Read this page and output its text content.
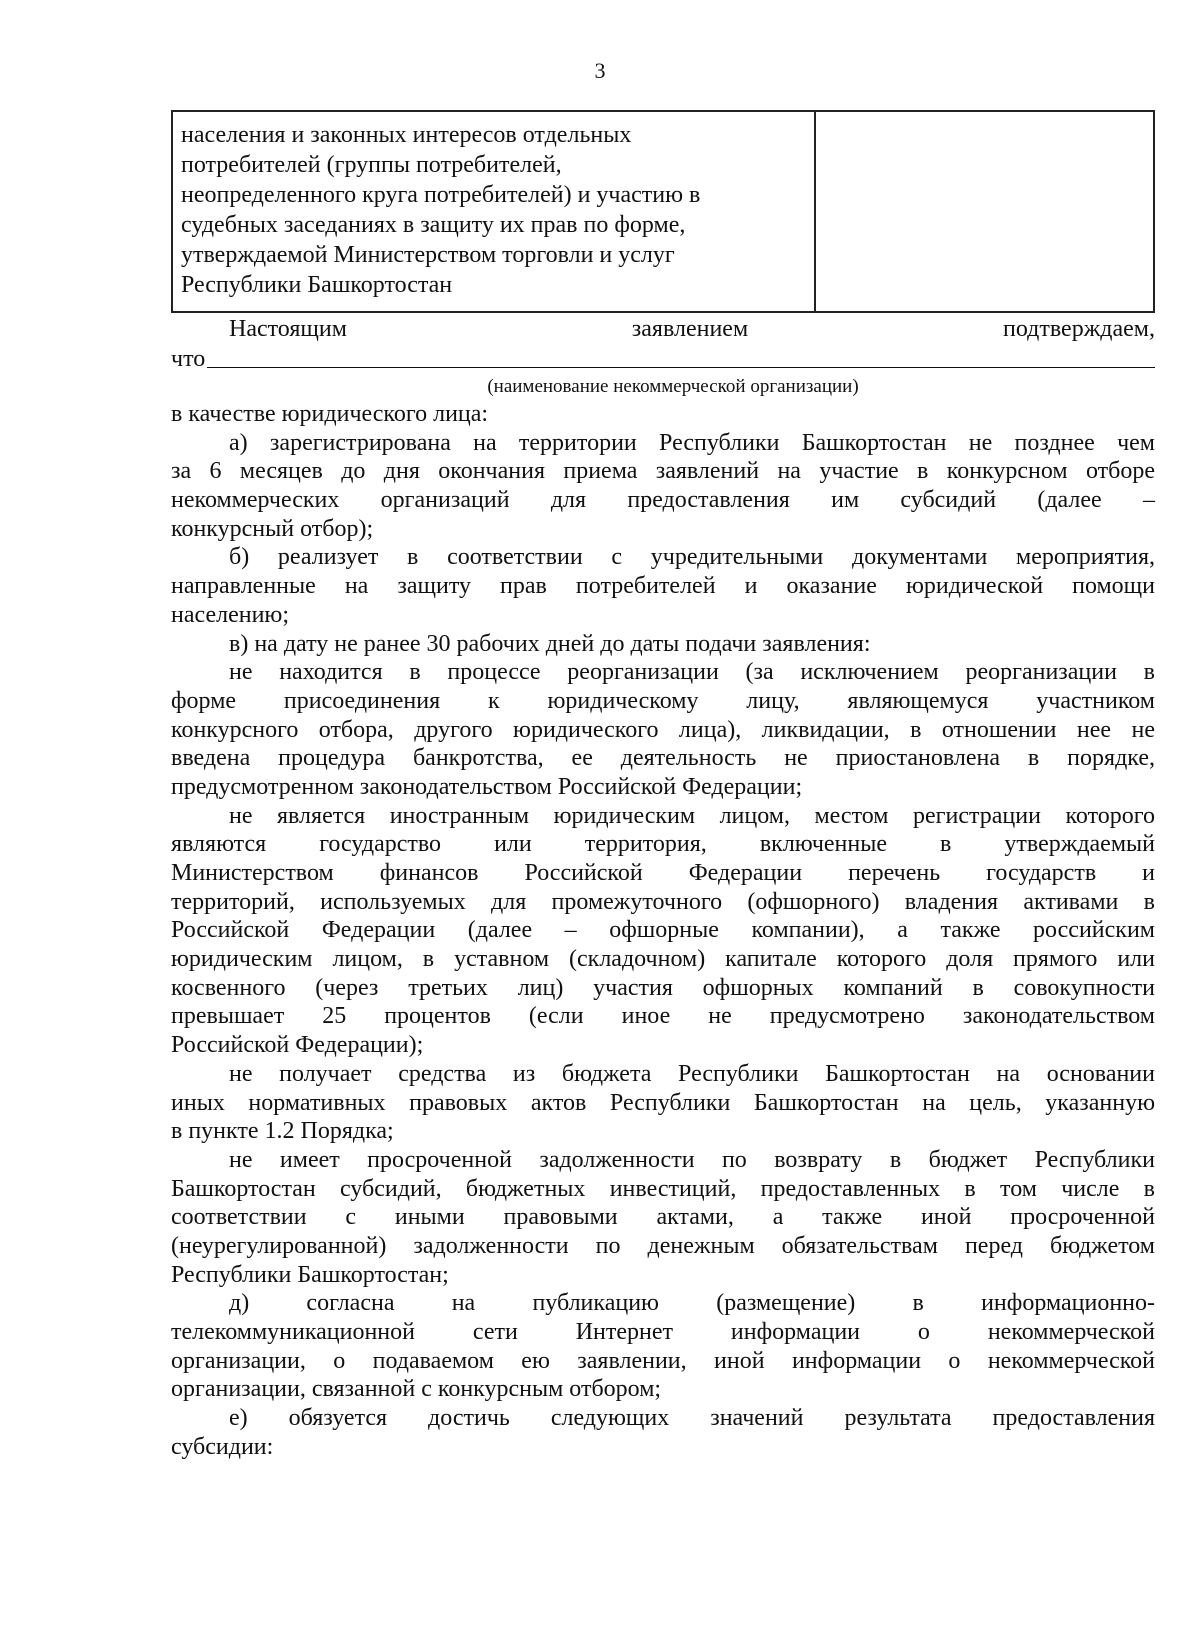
3
населения и законных интересов отдельных
потребителей (группы потребителей,
неопределенного круга потребителей) и участию в
судебных заседаниях в защиту их прав по форме,
утверждаемой Министерством торговли и услуг
Республики Башкортостан

Настоящим	заявлением	подтверждаем,
что
(наименование некоммерческой организации)
в качестве юридического лица:
а) зарегистрирована на территории Республики Башкортостан не позднее чем
за 6 месяцев до дня окончания приема заявлений на участие в конкурсном отборе
некоммерческих организаций для предоставления им субсидий (далее –
конкурсный отбор);
б) реализует в соответствии с учредительными документами мероприятия,
направленные на защиту прав потребителей и оказание юридической помощи
населению;
в) на дату не ранее 30 рабочих дней до даты подачи заявления:
не находится в процессе реорганизации (за исключением реорганизации в
форме присоединения к юридическому лицу, являющемуся участником
конкурсного отбора, другого юридического лица), ликвидации, в отношении нее не
введена процедура банкротства, ее деятельность не приостановлена в порядке,
предусмотренном законодательством Российской Федерации;
не является иностранным юридическим лицом, местом регистрации которого
являются государство или территория, включенные в утверждаемый
Министерством финансов Российской Федерации перечень государств и
территорий, используемых для промежуточного (офшорного) владения активами в
Российской Федерации (далее – офшорные компании), а также российским
юридическим лицом, в уставном (складочном) капитале которого доля прямого или
косвенного (через третьих лиц) участия офшорных компаний в совокупности
превышает 25 процентов (если иное не предусмотрено законодательством
Российской Федерации);
не получает средства из бюджета Республики Башкортостан на основании
иных нормативных правовых актов Республики Башкортостан на цель, указанную
в пункте 1.2 Порядка;
не имеет просроченной задолженности по возврату в бюджет Республики
Башкортостан субсидий, бюджетных инвестиций, предоставленных в том числе в
соответствии с иными правовыми актами, а также иной просроченной
(неурегулированной) задолженности по денежным обязательствам перед бюджетом
Республики Башкортостан;
д) согласна на публикацию (размещение) в информационно-
телекоммуникационной сети Интернет информации о некоммерческой
организации, о подаваемом ею заявлении, иной информации о некоммерческой
организации, связанной с конкурсным отбором;
е) обязуется достичь следующих значений результата предоставления
субсидии:
